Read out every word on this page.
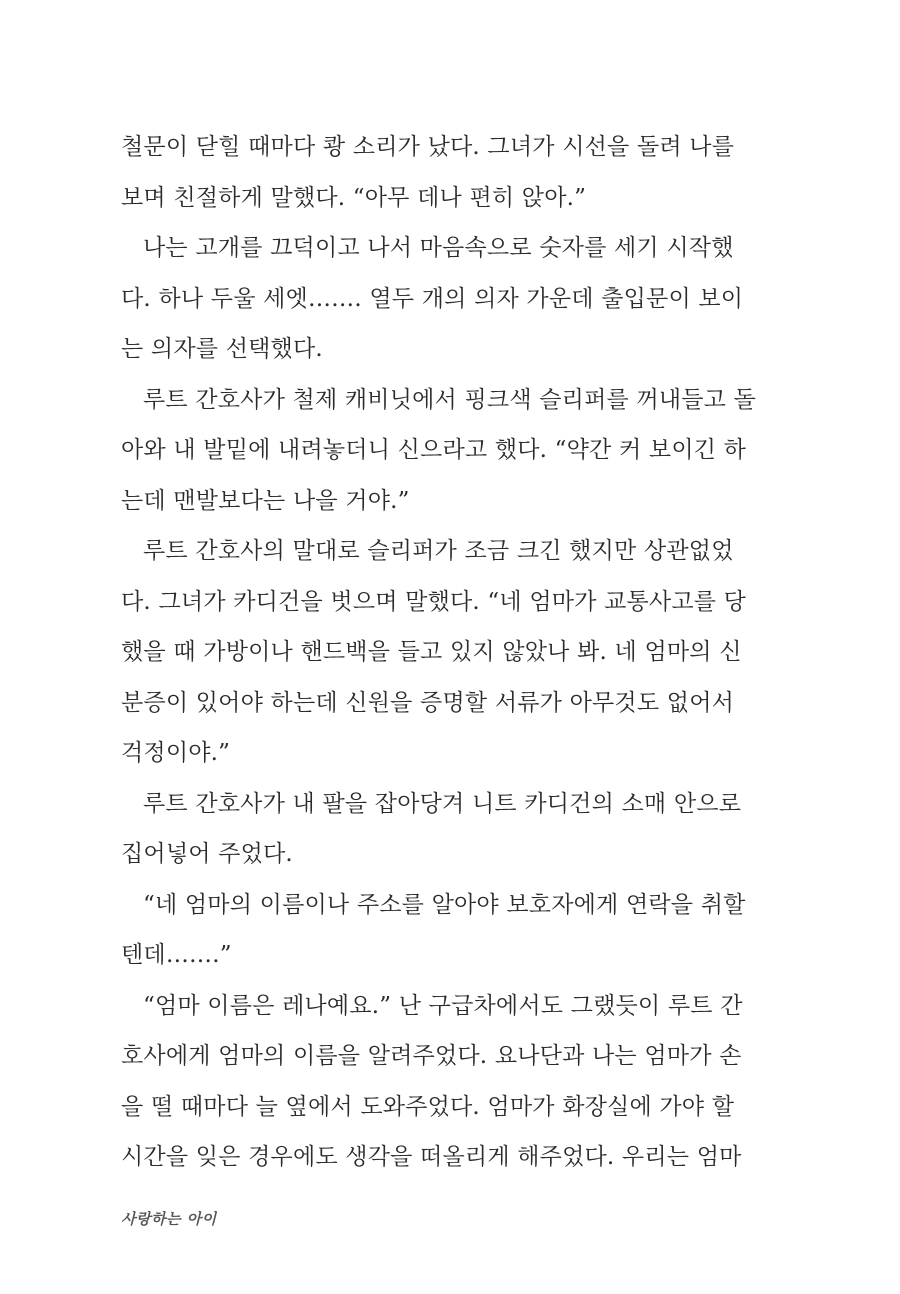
철문이 닫힐 때마다 쾅 소리가 났다. 그녀가 시선을 돌려 나를
보며 친절하게 말했다. “아무 데나 편히 앉아.”
나는 고개를 끄덕이고 나서 마음속으로 숫자를 세기 시작했
다. 하나 두울 세엣……. 열두 개의 의자 가운데 출입문이 보이
는 의자를 선택했다.
루트 간호사가 철제 캐비닛에서 핑크색 슬리퍼를 꺼내들고 돌
아와 내 발밑에 내려놓더니 신으라고 했다. “약간 커 보이긴 하
는데 맨발보다는 나을 거야.”
루트 간호사의 말대로 슬리퍼가 조금 크긴 했지만 상관없었
다. 그녀가 카디건을 벗으며 말했다. “네 엄마가 교통사고를 당
했을 때 가방이나 핸드백을 들고 있지 않았나 봐. 네 엄마의 신
분증이 있어야 하는데 신원을 증명할 서류가 아무것도 없어서
걱정이야.”
루트 간호사가 내 팔을 잡아당겨 니트 카디건의 소매 안으로
집어넣어 주었다.
“네 엄마의 이름이나 주소를 알아야 보호자에게 연락을 취할
텐데…….”
“엄마 이름은 레나예요.” 난 구급차에서도 그랬듯이 루트 간
호사에게 엄마의 이름을 알려주었다. 요나단과 나는 엄마가 손
을 떨 때마다 늘 옆에서 도와주었다. 엄마가 화장실에 가야 할
시간을 잊은 경우에도 생각을 떠올리게 해주었다. 우리는 엄마
사랑하는 아이
